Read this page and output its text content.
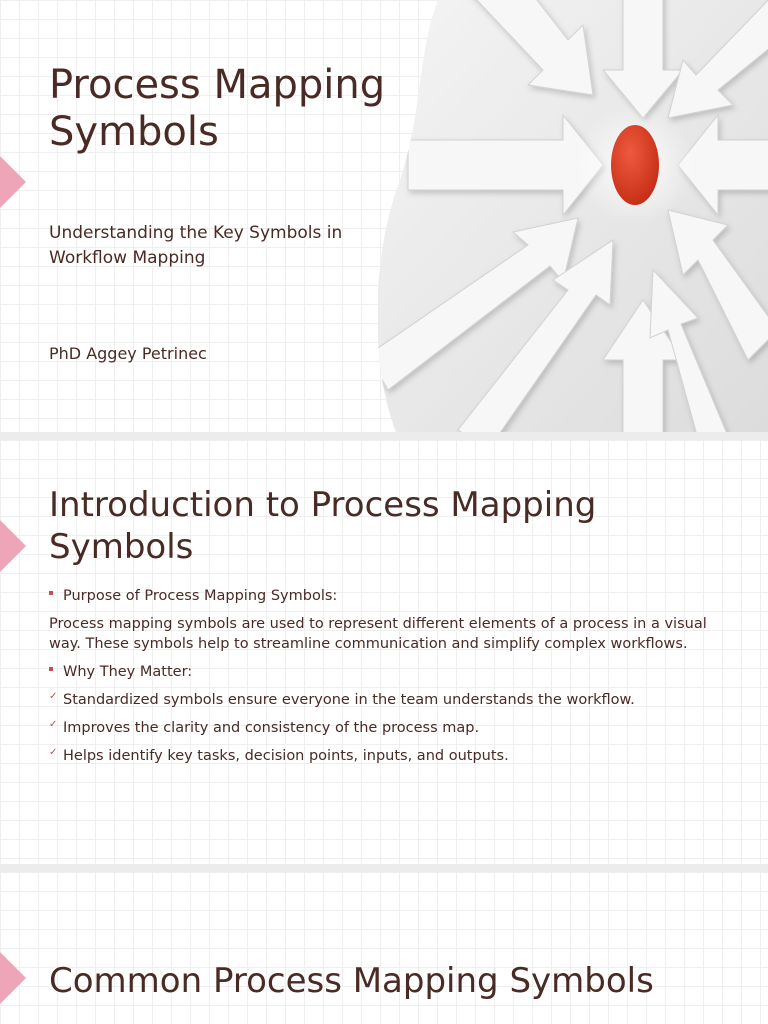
Process Mapping Symbols
Understanding the Key Symbols in Workflow Mapping
PhD Aggey Petrinec
Introduction to Process Mapping Symbols
Purpose of Process Mapping Symbols:
Process mapping symbols are used to represent different elements of a process in a visual way. These symbols help to streamline communication and simplify complex workflows.
Why They Matter:
✓ Standardized symbols ensure everyone in the team understands the workflow.
✓ Improves the clarity and consistency of the process map.
✓ Helps identify key tasks, decision points, inputs, and outputs.
Common Process Mapping Symbols
